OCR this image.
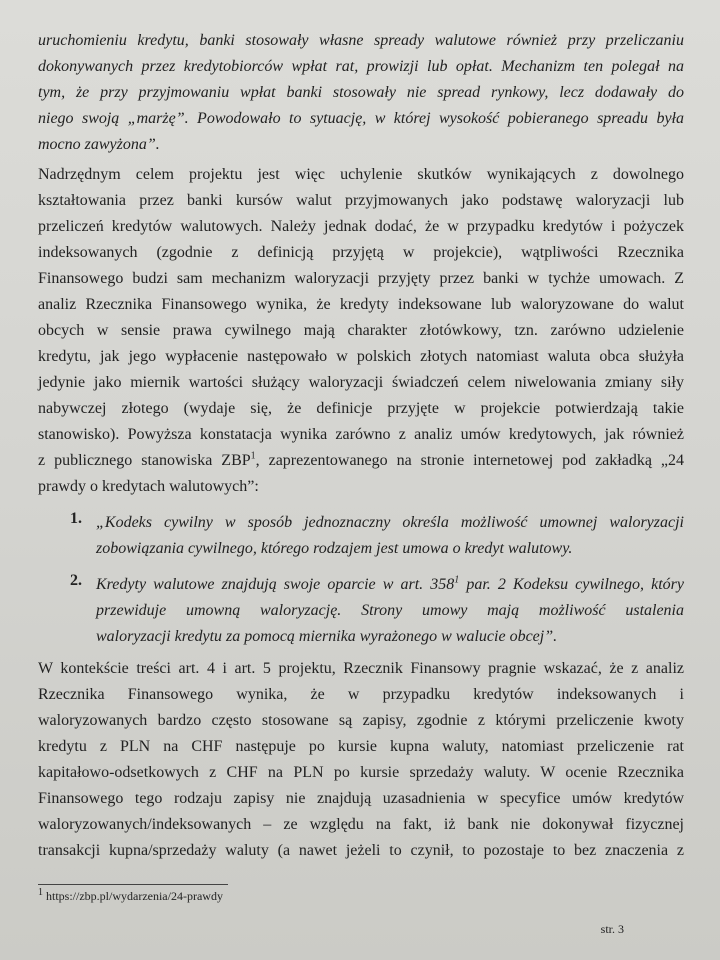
uruchomieniu kredytu, banki stosowały własne spready walutowe również przy przeliczaniu
dokonywanych przez kredytobiorców wpłat rat, prowizji lub opłat. Mechanizm ten polegał na
tym, że przy przyjmowaniu wpłat banki stosowały nie spread rynkowy, lecz dodawały do
niego swoją „marżę”. Powodowało to sytuację, w której wysokość pobieranego spreadu była
mocno zawyżona”.
Nadrzędnym celem projektu jest więc uchylenie skutków wynikających z dowolnego
kształtowania przez banki kursów walut przyjmowanych jako podstawę waloryzacji lub
przeliczeń kredytów walutowych. Należy jednak dodać, że w przypadku kredytów i pożyczek
indeksowanych (zgodnie z definicją przyjętą w projekcie), wątpliwości Rzecznika
Finansowego budzi sam mechanizm waloryzacji przyjęty przez banki w tychże umowach. Z
analiz Rzecznika Finansowego wynika, że kredyty indeksowane lub waloryzowane do walut
obcych w sensie prawa cywilnego mają charakter złotówkowy, tzn. zarówno udzielenie
kredytu, jak jego wypłacenie następowało w polskich złotych natomiast waluta obca służyła
jedynie jako miernik wartości służący waloryzacji świadczeń celem niwelowania zmiany siły
nabywczej złotego (wydaje się, że definicje przyjęte w projekcie potwierdzają takie
stanowisko). Powyższa konstatacja wynika zarówno z analiz umów kredytowych, jak również
z publicznego stanowiska ZBP$^1$, zaprezentowanego na stronie internetowej pod zakładką „24
prawdy o kredytach walutowych”:
1. „Kodeks cywilny w sposób jednoznaczny określa możliwość umownej waloryzacji
zobowiązania cywilnego, którego rodzajem jest umowa o kredyt walutowy.
2. Kredyty walutowe znajdują swoje oparcie w art. $358^1$ par. 2 Kodeksu cywilnego, który
przewiduje umowną waloryzację. Strony umowy mają możliwość ustalenia
waloryzacji kredytu za pomocą miernika wyrażonego w walucie obcej”.
W kontekście treści art. 4 i art. 5 projektu, Rzecznik Finansowy pragnie wskazać, że z analiz
Rzecznika Finansowego wynika, że w przypadku kredytów indeksowanych i
waloryzowanych bardzo często stosowane są zapisy, zgodnie z którymi przeliczenie kwoty
kredytu z PLN na CHF następuje po kursie kupna waluty, natomiast przeliczenie rat
kapitałowo-odsetkowych z CHF na PLN po kursie sprzedaży waluty. W ocenie Rzecznika
Finansowego tego rodzaju zapisy nie znajdują uzasadnienia w specyfice umów kredytów
waloryzowanych/indeksowanych – ze względu na fakt, iż bank nie dokonywał fizycznej
transakcji kupna/sprzedaży waluty (a nawet jeżeli to czynił, to pozostaje to bez znaczenia z
$^1$ https://zbp.pl/wydarzenia/24-prawdy
str. 3
